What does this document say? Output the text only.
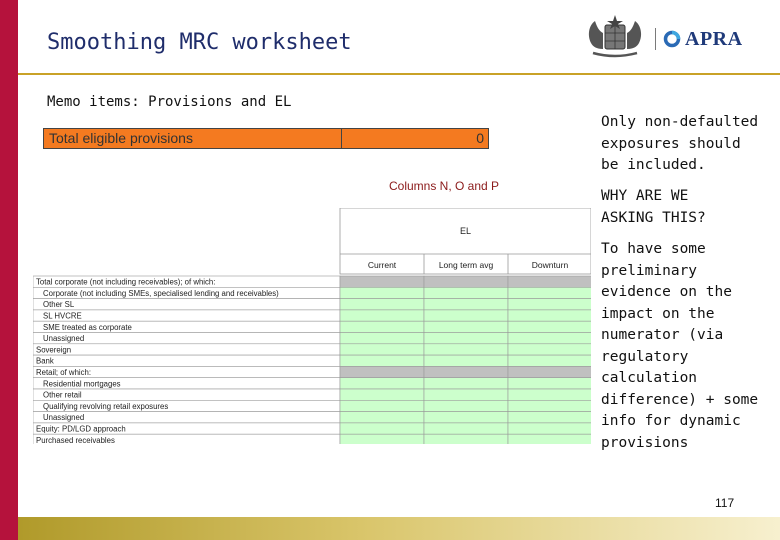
Smoothing MRC worksheet	APRA
Memo items: Provisions and EL
Total eligible provisions	0
Columns N, O and P
EL
Current	Long term avg	Downturn
Total corporate (not including receivables); of which:
Corporate (not including SMEs, specialised lending and receivables)
Other SL
SL HVCRE
SME treated as corporate
Unassigned
Sovereign
Bank
Retail; of which:
Residential mortgages
Other retail
Qualifying revolving retail exposures
Unassigned
Equity: PD/LGD approach
Purchased receivables
Only non-defaulted
exposures should
be included.
WHY ARE WE
ASKING THIS?
To have some
preliminary
evidence on the
impact on the
numerator (via
regulatory
calculation
difference) + some
info for dynamic
provisions
117
